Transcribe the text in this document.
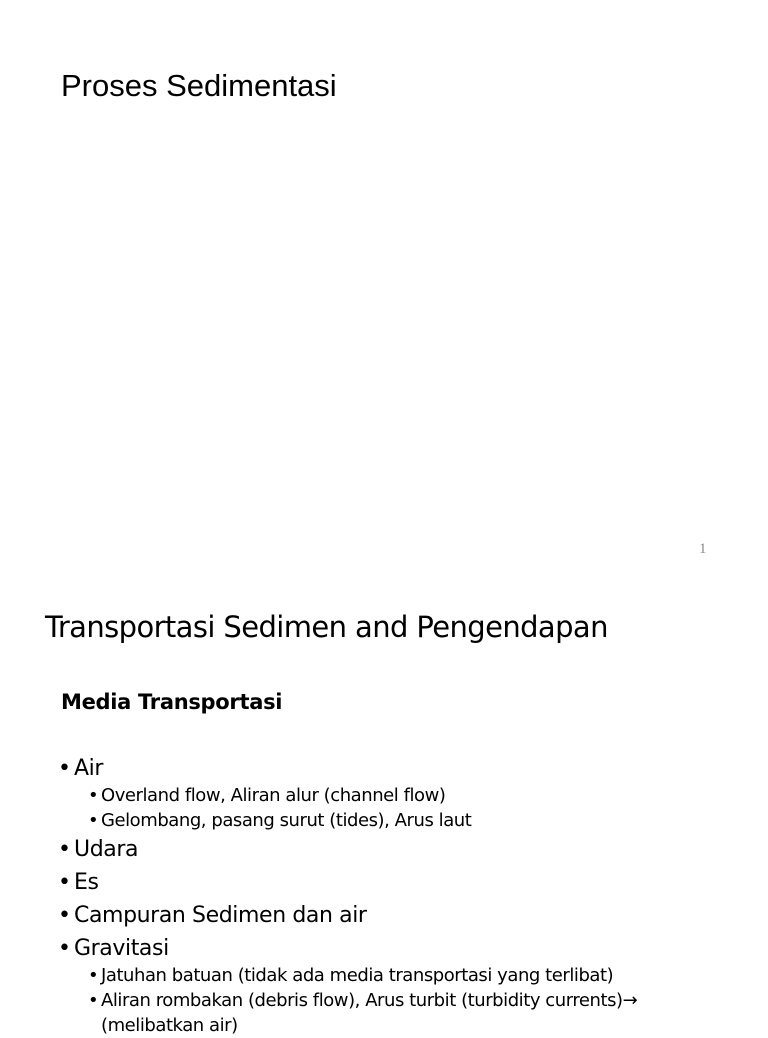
Proses Sedimentasi
1
Transportasi Sedimen and Pengendapan
Media Transportasi
• Air
• Overland flow, Aliran alur (channel flow)
• Gelombang, pasang surut (tides), Arus laut
• Udara
• Es
• Campuran Sedimen dan air
• Gravitasi
• Jatuhan batuan (tidak ada media transportasi yang terlibat)
• Aliran rombakan (debris flow), Arus turbit (turbidity currents)→
(melibatkan air)
